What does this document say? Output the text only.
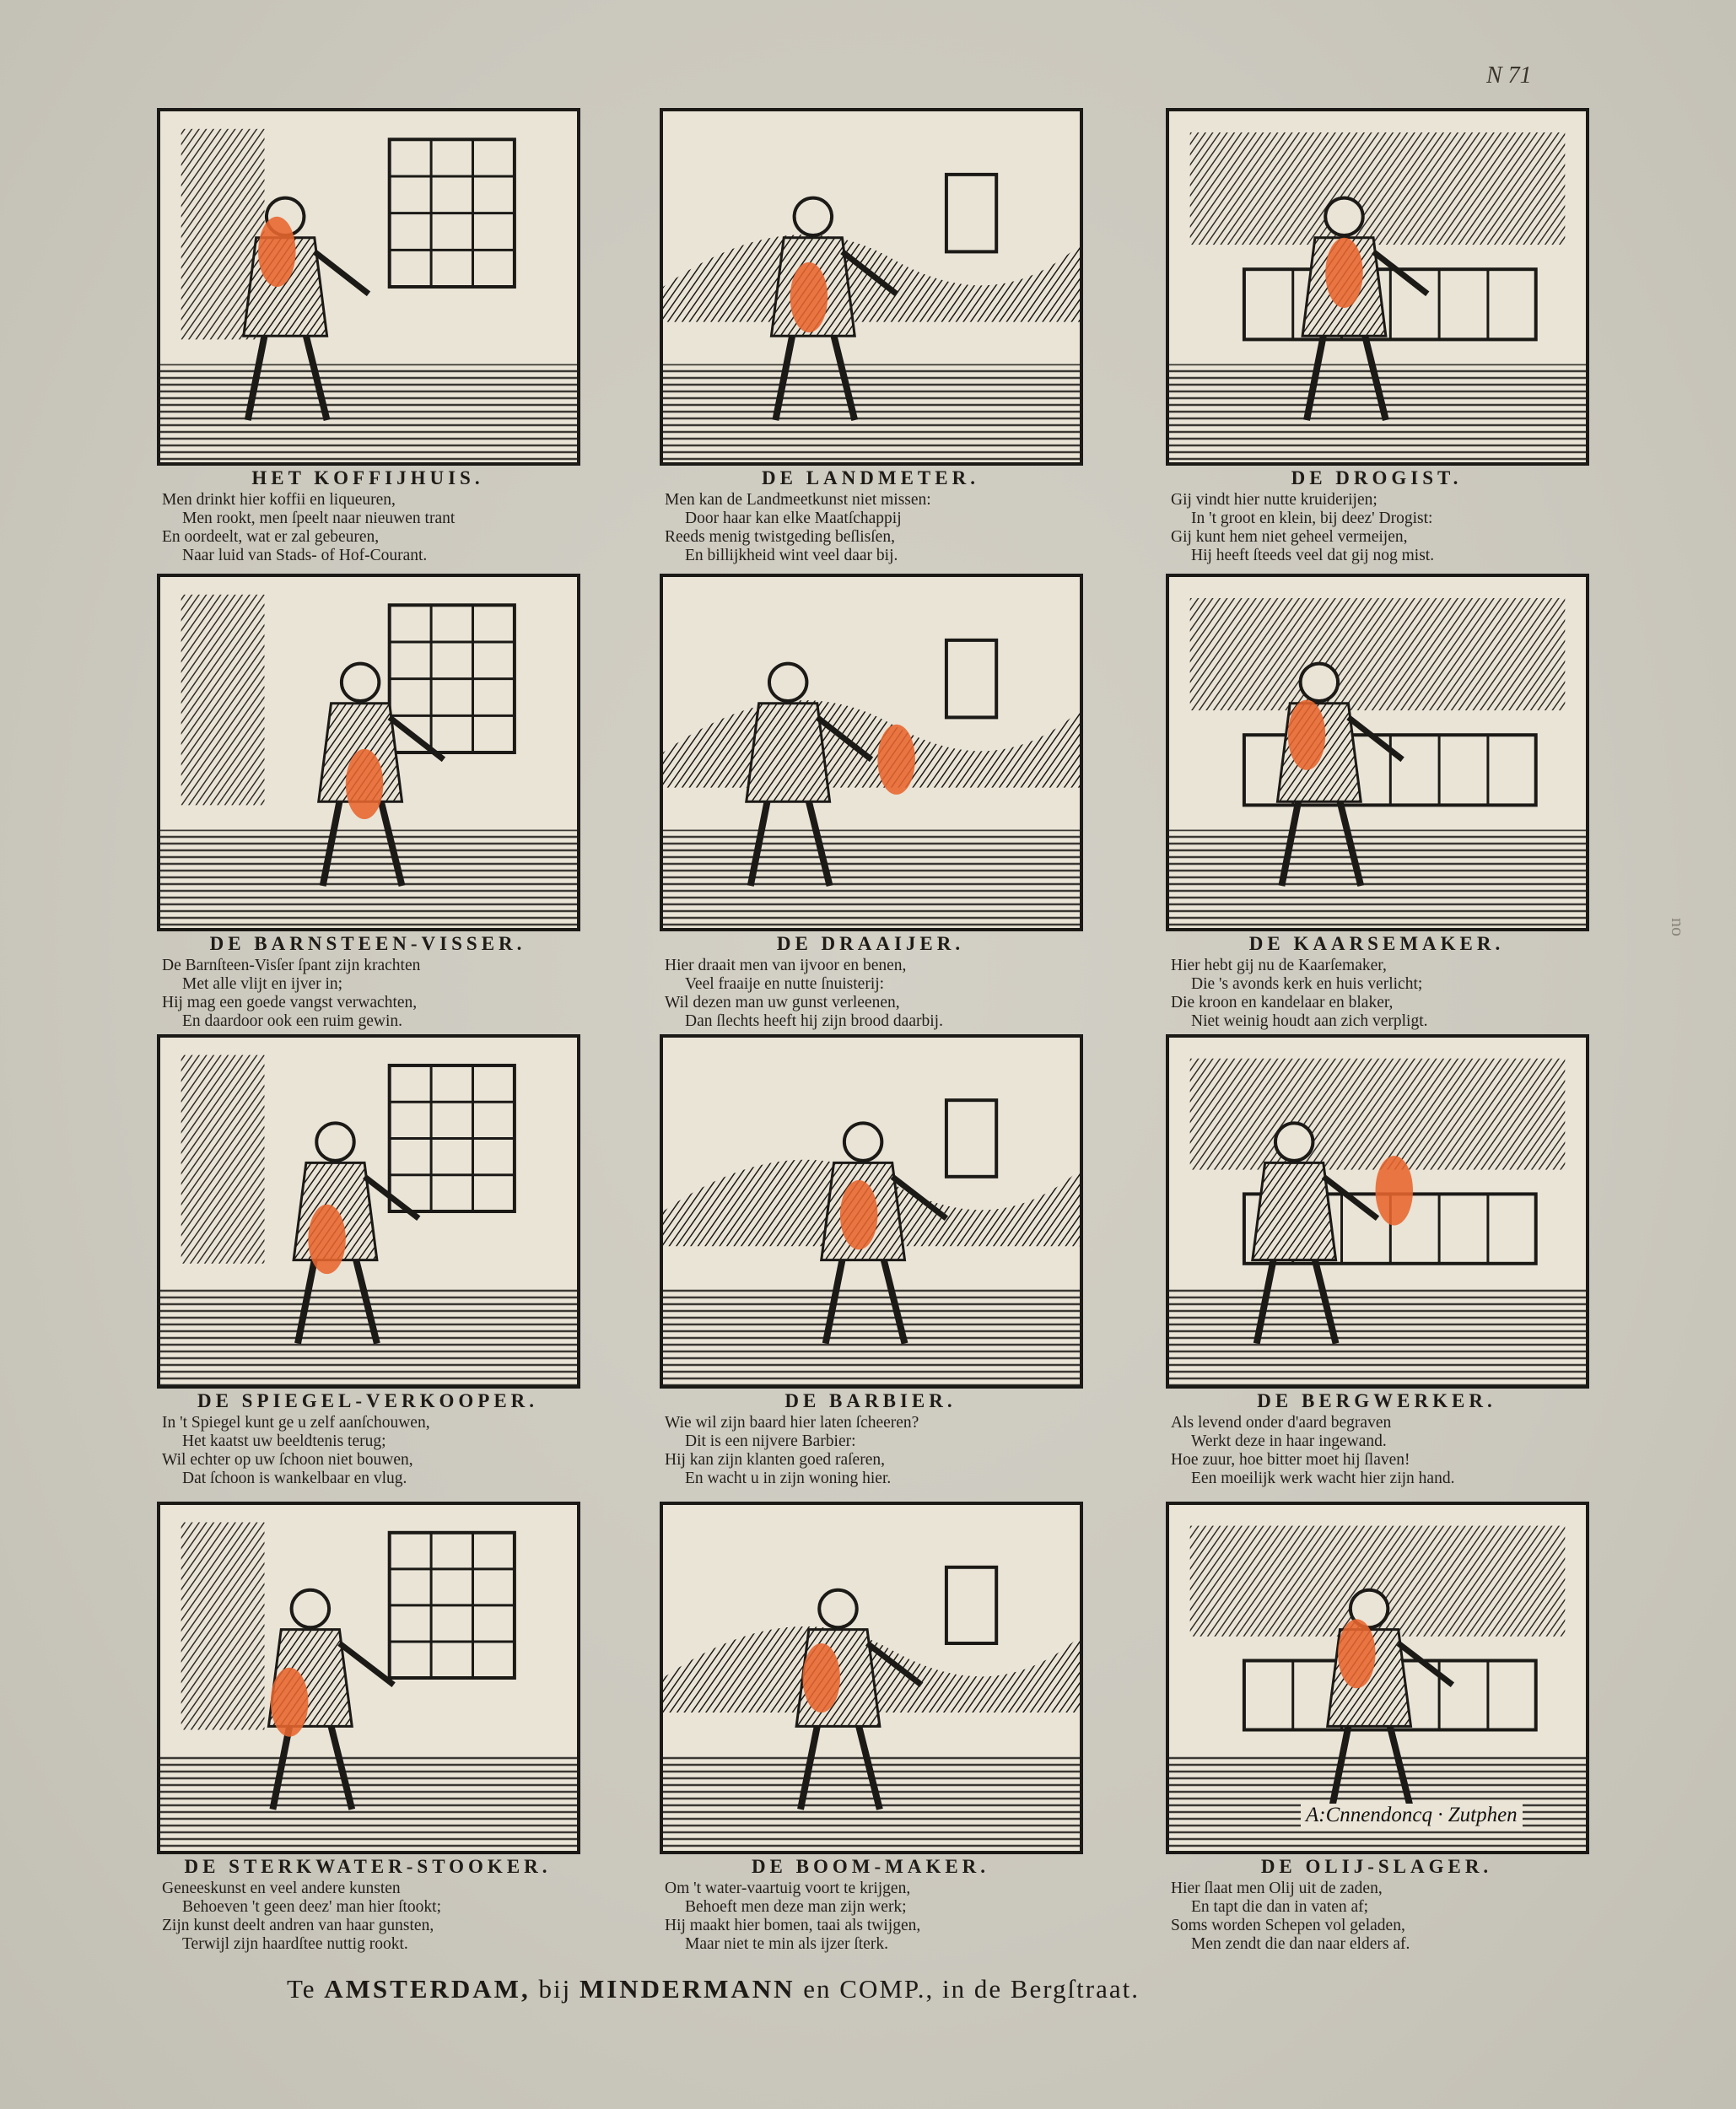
N 71
no
HET KOFFIJHUIS.
Men drinkt hier koffii en liqueuren,
Men rookt, men ſpeelt naar nieuwen trant
En oordeelt, wat er zal gebeuren,
Naar luid van Stads- of Hof-Courant.
DE LANDMETER.
Men kan de Landmeetkunst niet missen:
Door haar kan elke Maatſchappij
Reeds menig twistgeding beſlisſen,
En billijkheid wint veel daar bij.
DE DROGIST.
Gij vindt hier nutte kruiderijen;
In 't groot en klein, bij deez' Drogist:
Gij kunt hem niet geheel vermeijen,
Hij heeft ſteeds veel dat gij nog mist.
DE BARNSTEEN-VISSER.
De Barnſteen-Visſer ſpant zijn krachten
Met alle vlijt en ijver in;
Hij mag een goede vangst verwachten,
En daardoor ook een ruim gewin.
DE DRAAIJER.
Hier draait men van ijvoor en benen,
Veel fraaije en nutte ſnuisterij:
Wil dezen man uw gunst verleenen,
Dan ſlechts heeft hij zijn brood daarbij.
DE KAARSEMAKER.
Hier hebt gij nu de Kaarſemaker,
Die 's avonds kerk en huis verlicht;
Die kroon en kandelaar en blaker,
Niet weinig houdt aan zich verpligt.
DE SPIEGEL-VERKOOPER.
In 't Spiegel kunt ge u zelf aanſchouwen,
Het kaatst uw beeldtenis terug;
Wil echter op uw ſchoon niet bouwen,
Dat ſchoon is wankelbaar en vlug.
DE BARBIER.
Wie wil zijn baard hier laten ſcheeren?
Dit is een nijvere Barbier:
Hij kan zijn klanten goed raſeren,
En wacht u in zijn woning hier.
DE BERGWERKER.
Als levend onder d'aard begraven
Werkt deze in haar ingewand.
Hoe zuur, hoe bitter moet hij ſlaven!
Een moeilijk werk wacht hier zijn hand.
DE STERKWATER-STOOKER.
Geneeskunst en veel andere kunsten
Behoeven 't geen deez' man hier ſtookt;
Zijn kunst deelt andren van haar gunsten,
Terwijl zijn haardſtee nuttig rookt.
DE BOOM-MAKER.
Om 't water-vaartuig voort te krijgen,
Behoeft men deze man zijn werk;
Hij maakt hier bomen, taai als twijgen,
Maar niet te min als ijzer ſterk.
A:Cnnendoncq · Zutphen
DE OLIJ-SLAGER.
Hier ſlaat men Olij uit de zaden,
En tapt die dan in vaten af;
Soms worden Schepen vol geladen,
Men zendt die dan naar elders af.
Te AMSTERDAM, bij MINDERMANN en COMP., in de Bergſtraat.
